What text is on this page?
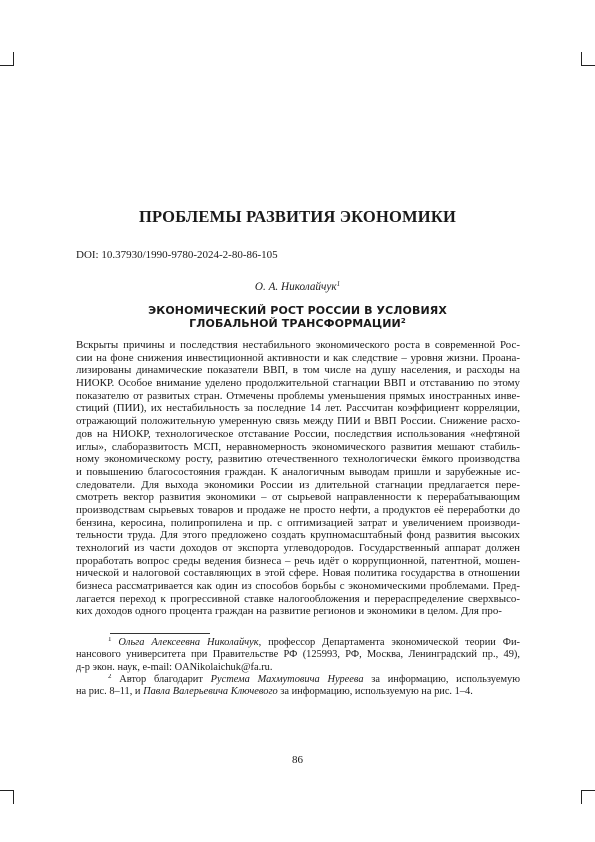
ПРОБЛЕМЫ РАЗВИТИЯ ЭКОНОМИКИ
DOI: 10.37930/1990-9780-2024-2-80-86-105
О. А. Николайчук$^1$
ЭКОНОМИЧЕСКИЙ РОСТ РОССИИ В УСЛОВИЯХ
ГЛОБАЛЬНОЙ ТРАНСФОРМАЦИИ$^2$
Вскрыты причины и последствия нестабильного экономического роста в современной Рос-
сии на фоне снижения инвестиционной активности и как следствие – уровня жизни. Проана-
лизированы динамические показатели ВВП, в том числе на душу населения, и расходы на
НИОКР. Особое внимание уделено продолжительной стагнации ВВП и отставанию по этому
показателю от развитых стран. Отмечены проблемы уменьшения прямых иностранных инве-
стиций (ПИИ), их нестабильность за последние 14 лет. Рассчитан коэффициент корреляции,
отражающий положительную умеренную связь между ПИИ и ВВП России. Снижение расхо-
дов на НИОКР, технологическое отставание России, последствия использования «нефтяной
иглы», слаборазвитость МСП, неравномерность экономического развития мешают стабиль-
ному экономическому росту, развитию отечественного технологически ёмкого производства
и повышению благосостояния граждан. К аналогичным выводам пришли и зарубежные ис-
следователи. Для выхода экономики России из длительной стагнации предлагается пере-
смотреть вектор развития экономики – от сырьевой направленности к перерабатывающим
производствам сырьевых товаров и продаже не просто нефти, а продуктов её переработки до
бензина, керосина, полипропилена и пр. с оптимизацией затрат и увеличением производи-
тельности труда. Для этого предложено создать крупномасштабный фонд развития высоких
технологий из части доходов от экспорта углеводородов. Государственный аппарат должен
проработать вопрос среды ведения бизнеса – речь идёт о коррупционной, патентной, мошен-
нической и налоговой составляющих в этой сфере. Новая политика государства в отношении
бизнеса рассматривается как один из способов борьбы с экономическими проблемами. Пред-
лагается переход к прогрессивной ставке налогообложения и перераспределение сверхвысо-
ких доходов одного процента граждан на развитие регионов и экономики в целом. Для про-
$^1$ Ольга Алексеевна Николайчук, профессор Департамента экономической теории Фи-
нансового университета при Правительстве РФ (125993, РФ, Москва, Ленинградский пр., 49),
д-р экон. наук, e-mail: OANikolaichuk@fa.ru.
$^2$ Автор благодарит Рустема Махмутовича Нуреева за информацию, используемую
на рис. 8–11, и Павла Валерьевича Ключевого за информацию, используемую на рис. 1–4.
86
